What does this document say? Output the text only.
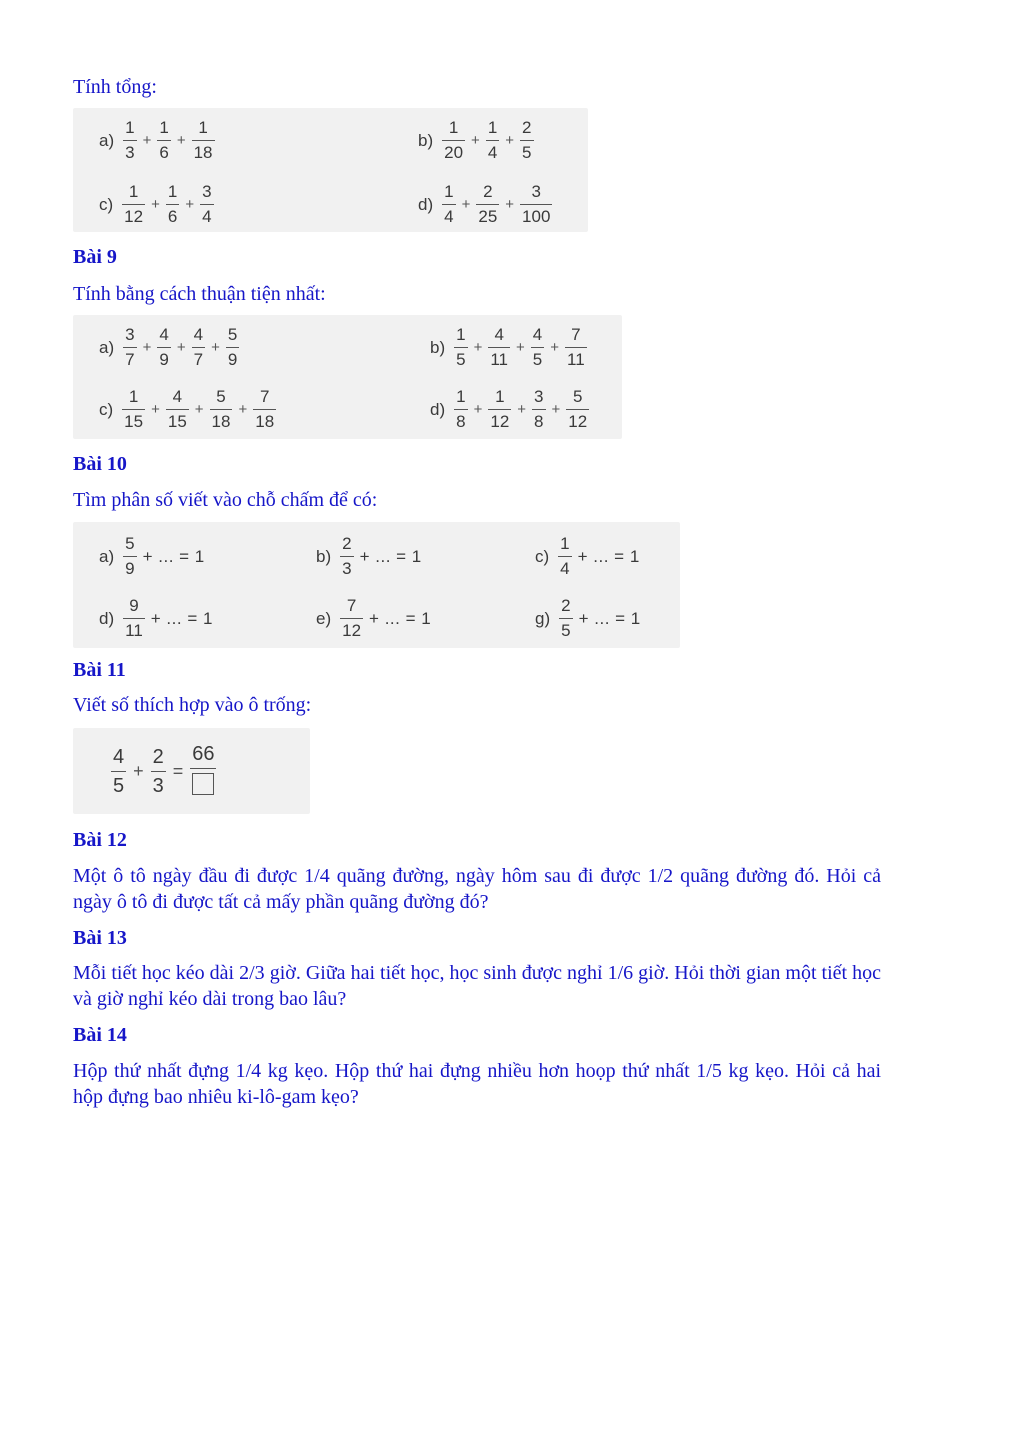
Tính tổng:
$a) \frac{1}{3} + \frac{1}{6} + \frac{1}{18}$	$b) \frac{1}{20} + \frac{1}{4} + \frac{2}{5}$
$c) \frac{1}{12} + \frac{1}{6} + \frac{3}{4}$	$d) \frac{1}{4} + \frac{2}{25} + \frac{3}{100}$
Bài 9
Tính bằng cách thuận tiện nhất:
$a) \frac{3}{7} + \frac{4}{9} + \frac{4}{7} + \frac{5}{9}$	$b) \frac{1}{5} + \frac{4}{11} + \frac{4}{5} + \frac{7}{11}$
$c) \frac{1}{15} + \frac{4}{15} + \frac{5}{18} + \frac{7}{18}$	$d) \frac{1}{8} + \frac{1}{12} + \frac{3}{8} + \frac{5}{12}$
Bài 10
Tìm phân số viết vào chỗ chấm để có:
$a) \frac{5}{9}$ + ... = 1	$b) \frac{2}{3}$ + ... = 1	$c) \frac{1}{4}$ + ... = 1
$d) \frac{9}{11}$ + ... = 1	$e) \frac{7}{12}$ + ... = 1	$g) \frac{2}{5}$ + ... = 1
Bài 11
Viết số thích hợp vào ô trống:
$\frac{4}{5} + \frac{2}{3}$ =
66
Bài 12
Một ô tô ngày đầu đi được 1/4 quãng đường, ngày hôm sau đi được 1/2 quãng đường đó. Hỏi cả ngày ô tô đi được tất cả mấy phần quãng đường đó?
Bài 13
Mỗi tiết học kéo dài 2/3 giờ. Giữa hai tiết học, học sinh được nghỉ 1/6 giờ. Hỏi thời gian một tiết học và giờ nghỉ kéo dài trong bao lâu?
Bài 14
Hộp thứ nhất đựng 1/4 kg kẹo. Hộp thứ hai đựng nhiều hơn hoọp thứ nhất 1/5 kg kẹo. Hỏi cả hai hộp đựng bao nhiêu ki-lô-gam kẹo?
